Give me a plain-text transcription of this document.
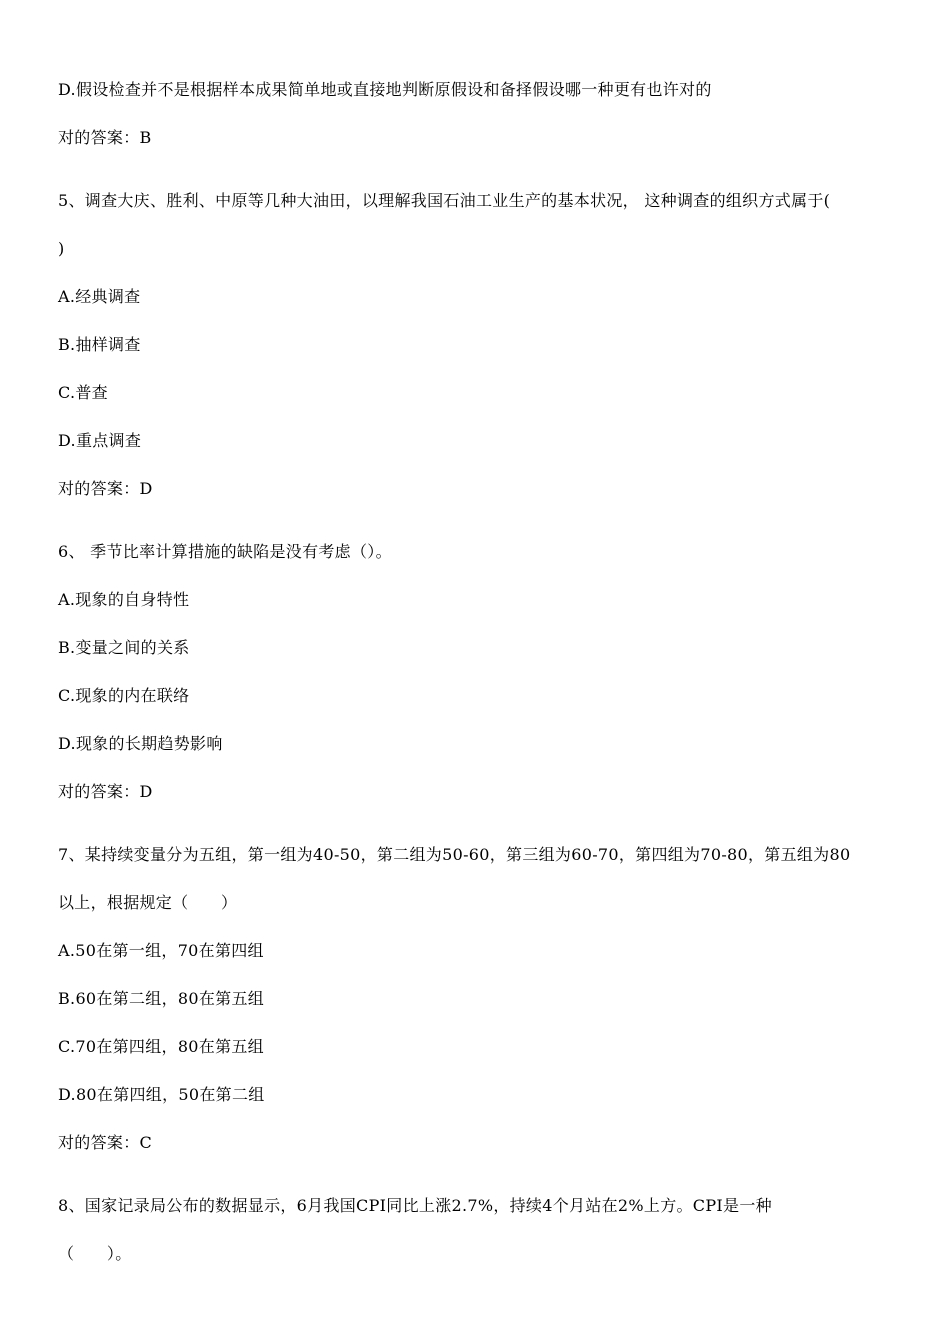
D.假设检查并不是根据样本成果简单地或直接地判断原假设和备择假设哪一种更有也许对的
对的答案：B
5、调查大庆、胜利、中原等几种大油田，以理解我国石油工业生产的基本状况， 这种调查的组织方式属于(
)
A.经典调查
B.抽样调查
C.普查
D.重点调查
对的答案：D
6、 季节比率计算措施的缺陷是没有考虑（）。
A.现象的自身特性
B.变量之间的关系
C.现象的内在联络
D.现象的长期趋势影响
对的答案：D
7、某持续变量分为五组，第一组为40-50，第二组为50-60，第三组为60-70，第四组为70-80，第五组为80
以上，根据规定（　　）
A.50在第一组，70在第四组
B.60在第二组，80在第五组
C.70在第四组，80在第五组
D.80在第四组，50在第二组
对的答案：C
8、国家记录局公布的数据显示，6月我国CPI同比上涨2.7%，持续4个月站在2%上方。CPI是一种
（　　）。
